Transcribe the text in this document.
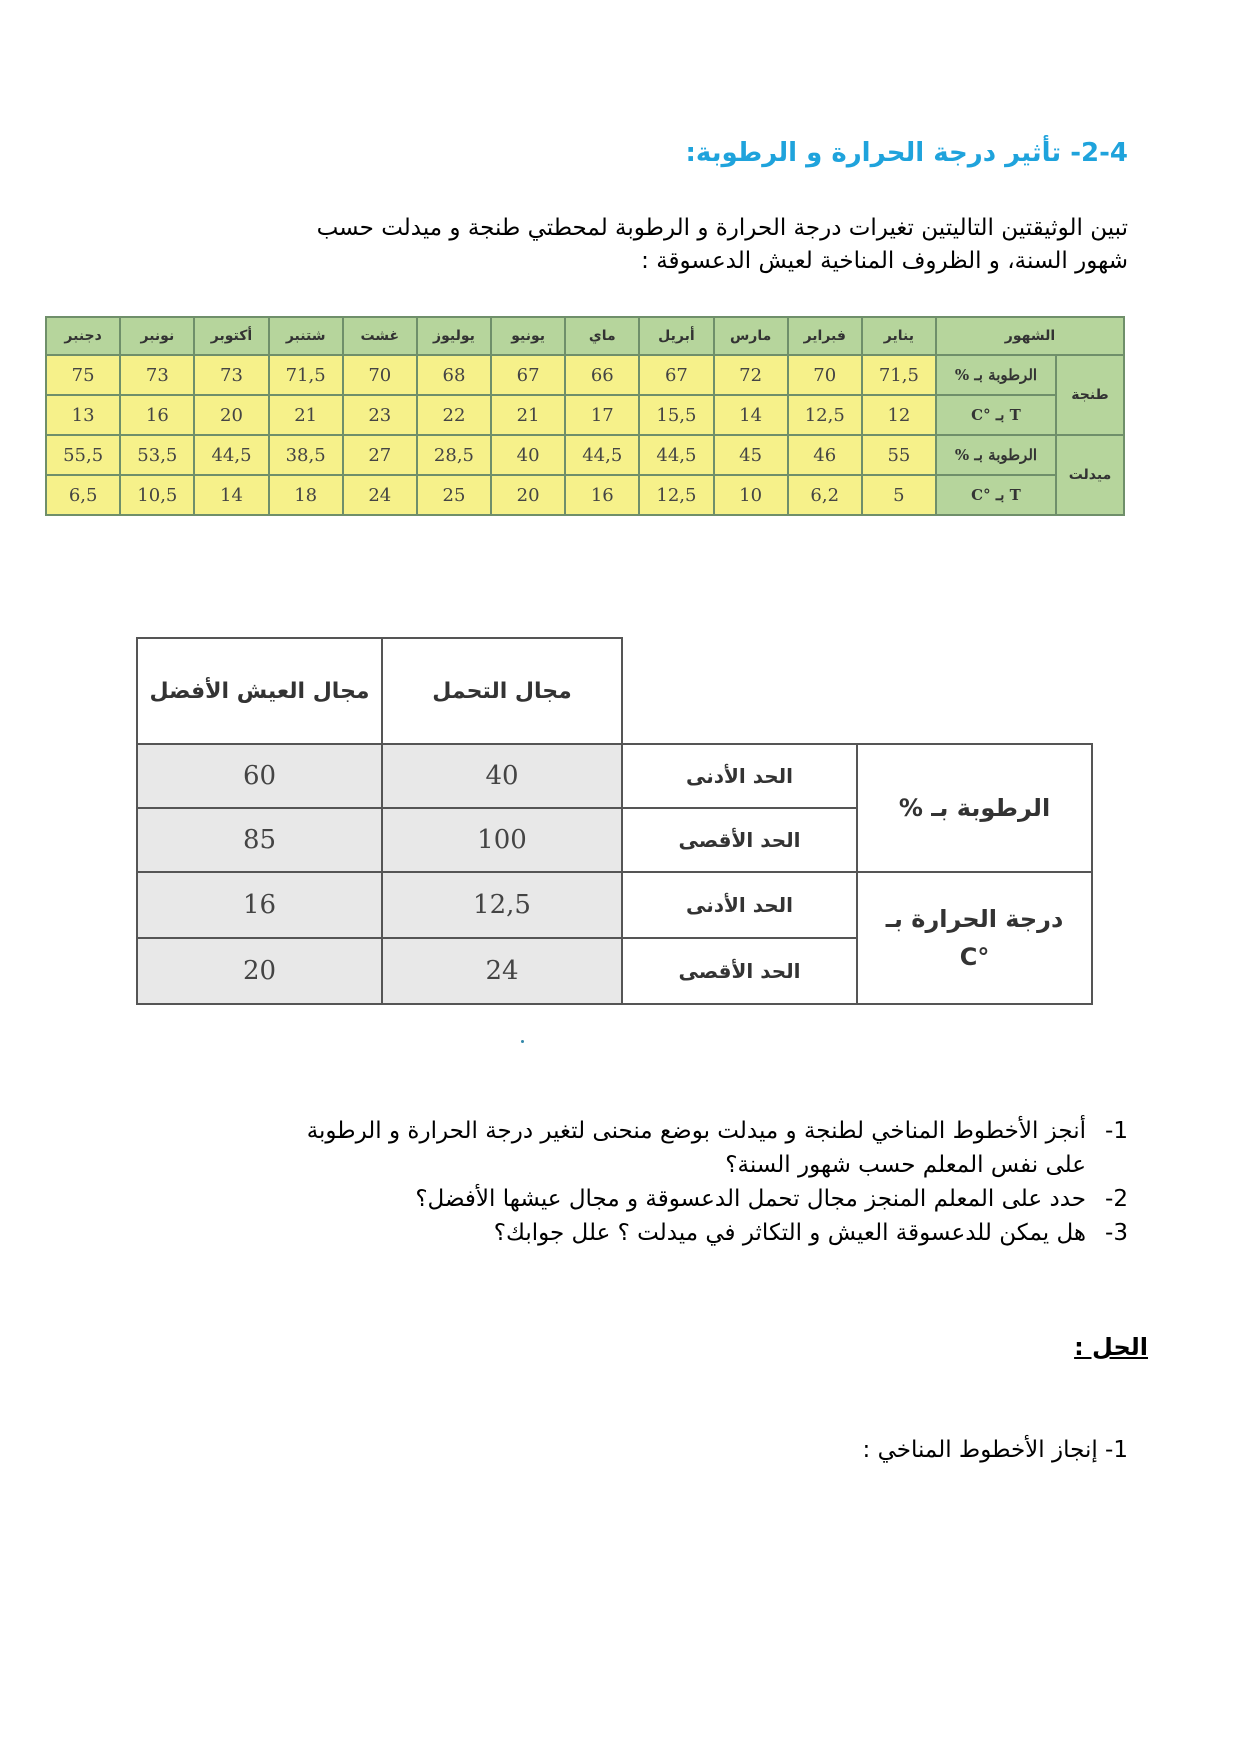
2-4- تأثير درجة الحرارة و الرطوبة:
تبين الوثيقتين التاليتين تغيرات درجة الحرارة و الرطوبة لمحطتي طنجة و ميدلت حسب
شهور السنة، و الظروف المناخية لعيش الدعسوقة :
الشهور		يناير	فبراير	مارس	أبريل	ماي	يونيو	يوليوز	غشت	شتنبر	أكتوبر	نونبر	دجنبر
طنجة	الرطوبة بـ %	71,5	70	72	67	66	67	68	70	71,5	73	73	75
	T بـ °C	12	12,5	14	15,5	17	21	22	23	21	20	16	13
ميدلت	الرطوبة بـ %	55	46	45	44,5	44,5	40	28,5	27	38,5	44,5	53,5	55,5
	T بـ °C	5	6,2	10	12,5	16	20	25	24	18	14	10,5	6,5
		مجال التحمل	مجال العيش الأفضل
الرطوبة بـ %	الحد الأدنى	40	60
	الحد الأقصى	100	85

درجة الحرارة بـ
°C	الحد الأدنى	12,5	16
	الحد الأقصى	24	20
1-
أنجز الأخطوط المناخي لطنجة و ميدلت بوضع منحنى لتغير درجة الحرارة و الرطوبة
على نفس المعلم حسب شهور السنة؟
2-
حدد على المعلم المنجز مجال تحمل الدعسوقة و مجال عيشها الأفضل؟
3-
هل يمكن للدعسوقة العيش و التكاثر في ميدلت ؟ علل جوابك؟
الحل :
1- إنجاز الأخطوط المناخي :
